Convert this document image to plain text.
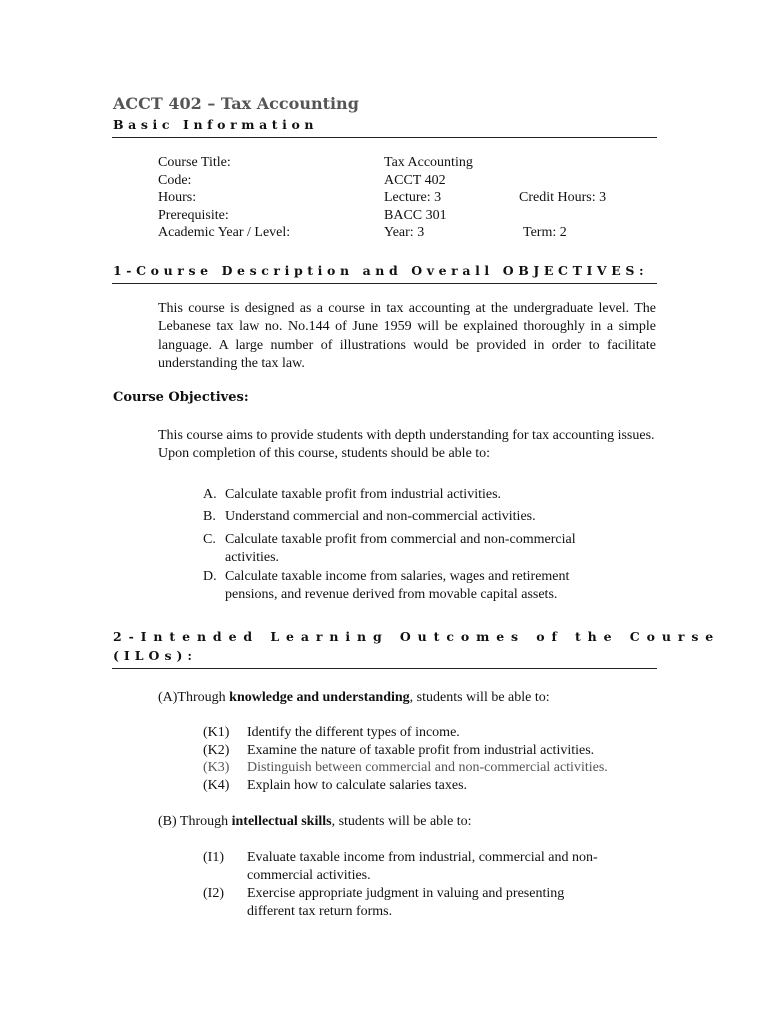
ACCT 402 – Tax Accounting
Basic Information
Course Title:	Tax Accounting
Code:	ACCT 402
Hours:	Lecture: 3	Credit Hours: 3
Prerequisite:	BACC 301
Academic Year / Level:	Year: 3	Term: 2
1-Course Description and Overall OBJECTIVES:
This course is designed as a course in tax accounting at the undergraduate level. The Lebanese tax law no. No.144 of June 1959 will be explained thoroughly in a simple language. A large number of illustrations would be provided in order to facilitate understanding the tax law.
Course Objectives:
This course aims to provide students with depth understanding for tax accounting issues. Upon completion of this course, students should be able to:
A. Calculate taxable profit from industrial activities.
B. Understand commercial and non-commercial activities.
C. Calculate taxable profit from commercial and non-commercial activities.
D. Calculate taxable income from salaries, wages and retirement pensions, and revenue derived from movable capital assets.
2-Intended Learning Outcomes of the Course
(ILOs):
(A)Through knowledge and understanding, students will be able to:
(K1) Identify the different types of income.
(K2) Examine the nature of taxable profit from industrial activities.
(K3) Distinguish between commercial and non-commercial activities.
(K4) Explain how to calculate salaries taxes.
(B) Through intellectual skills, students will be able to:
(I1) Evaluate taxable income from industrial, commercial and non-commercial activities.
(I2) Exercise appropriate judgment in valuing and presenting different tax return forms.
